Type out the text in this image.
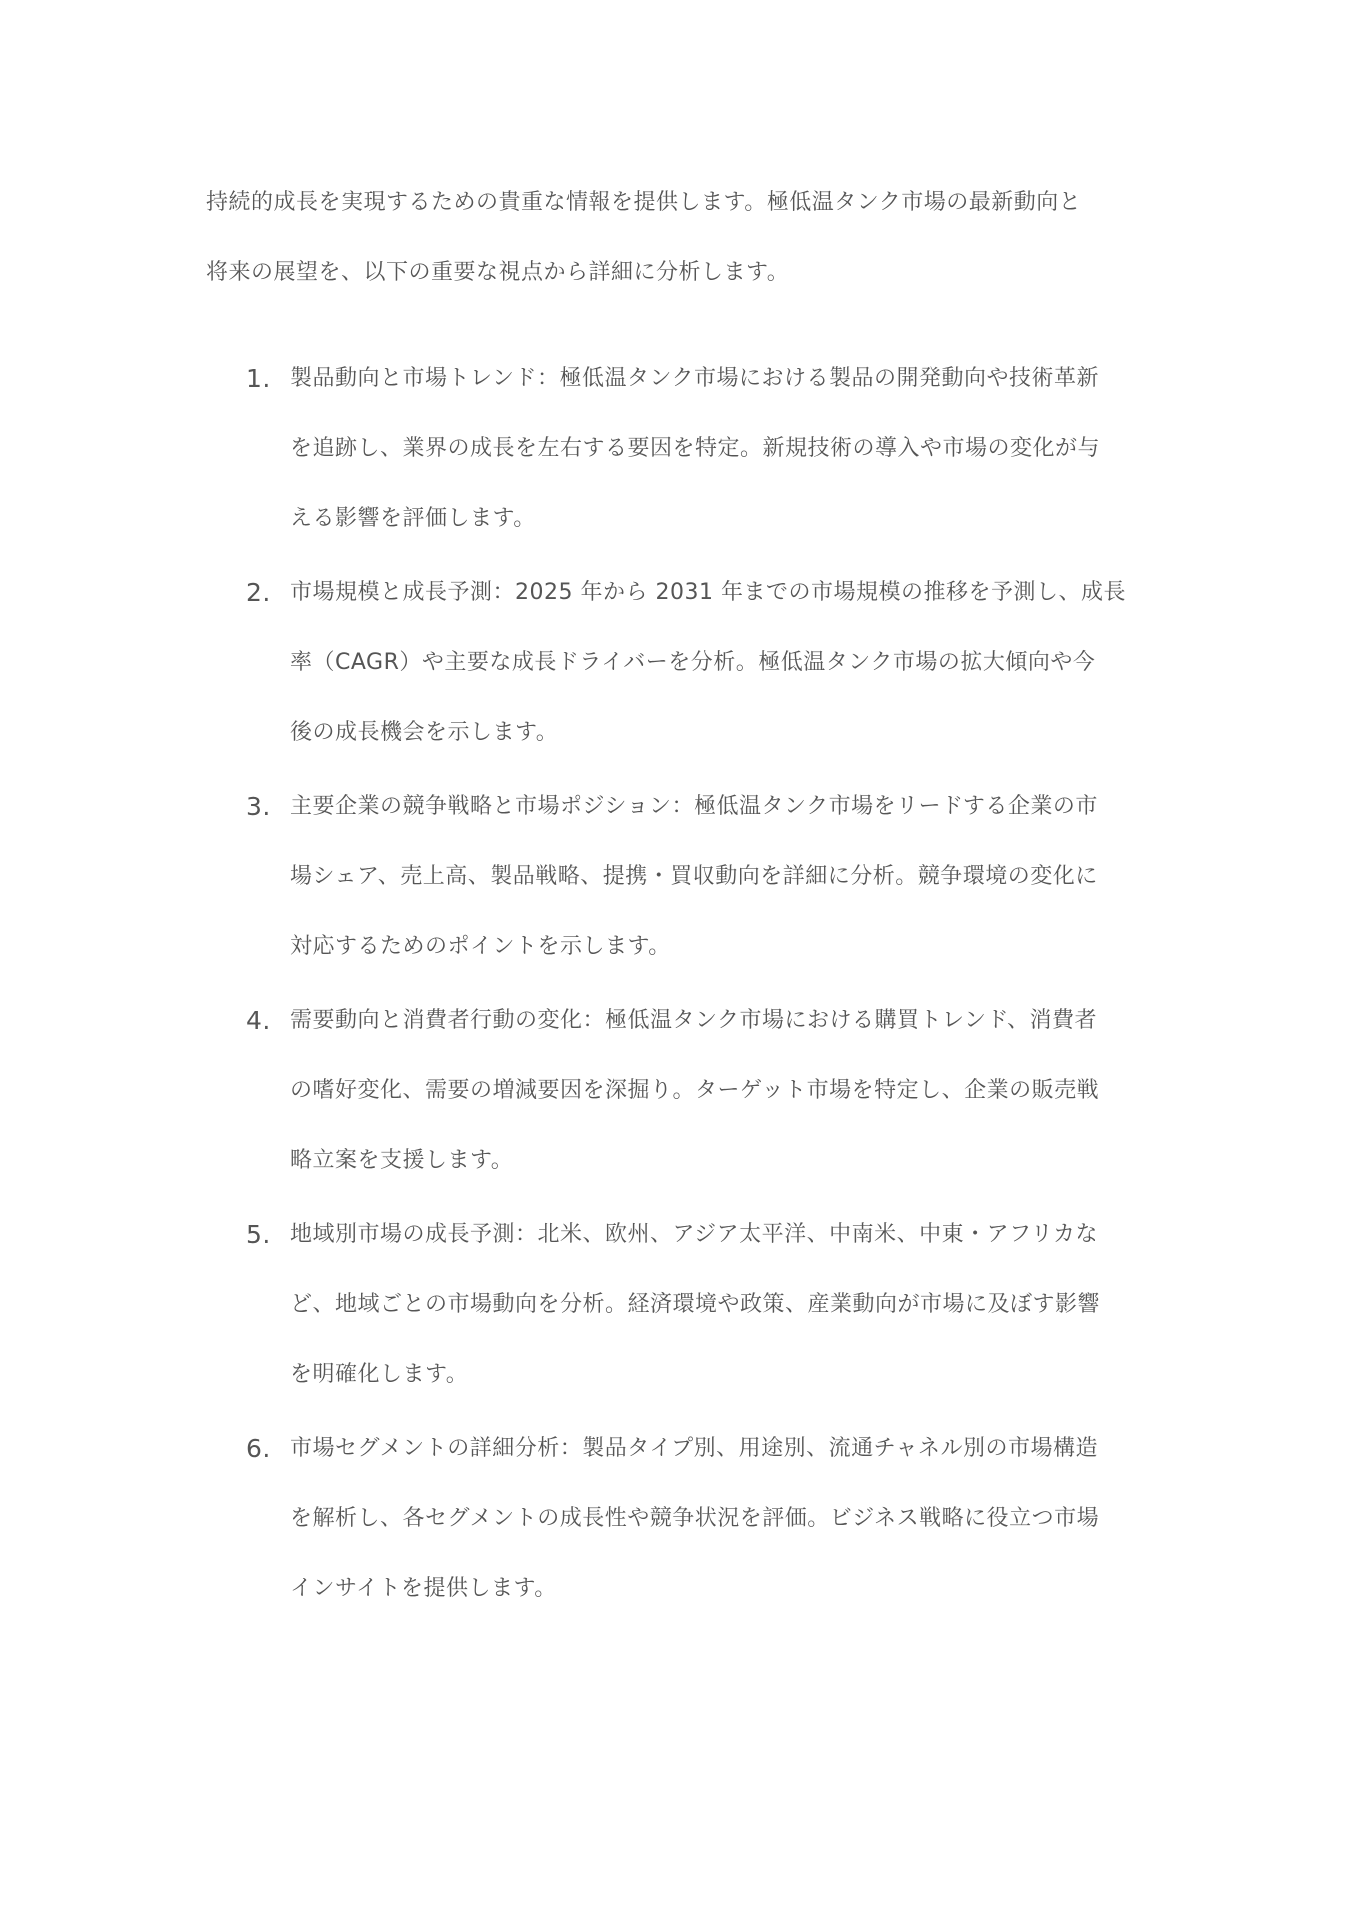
持続的成長を実現するための貴重な情報を提供します。極低温タンク市場の最新動向と

将来の展望を、以下の重要な視点から詳細に分析します。

1. 製品動向と市場トレンド：極低温タンク市場における製品の開発動向や技術革新
を追跡し、業界の成長を左右する要因を特定。新規技術の導入や市場の変化が与
える影響を評価します。
2. 市場規模と成長予測：2025 年から 2031 年までの市場規模の推移を予測し、成長
率（CAGR）や主要な成長ドライバーを分析。極低温タンク市場の拡大傾向や今
後の成長機会を示します。
3. 主要企業の競争戦略と市場ポジション：極低温タンク市場をリードする企業の市
場シェア、売上高、製品戦略、提携・買収動向を詳細に分析。競争環境の変化に
対応するためのポイントを示します。
4. 需要動向と消費者行動の変化：極低温タンク市場における購買トレンド、消費者
の嗜好変化、需要の増減要因を深掘り。ターゲット市場を特定し、企業の販売戦
略立案を支援します。
5. 地域別市場の成長予測：北米、欧州、アジア太平洋、中南米、中東・アフリカな
ど、地域ごとの市場動向を分析。経済環境や政策、産業動向が市場に及ぼす影響
を明確化します。
6. 市場セグメントの詳細分析：製品タイプ別、用途別、流通チャネル別の市場構造
を解析し、各セグメントの成長性や競争状況を評価。ビジネス戦略に役立つ市場
インサイトを提供します。
